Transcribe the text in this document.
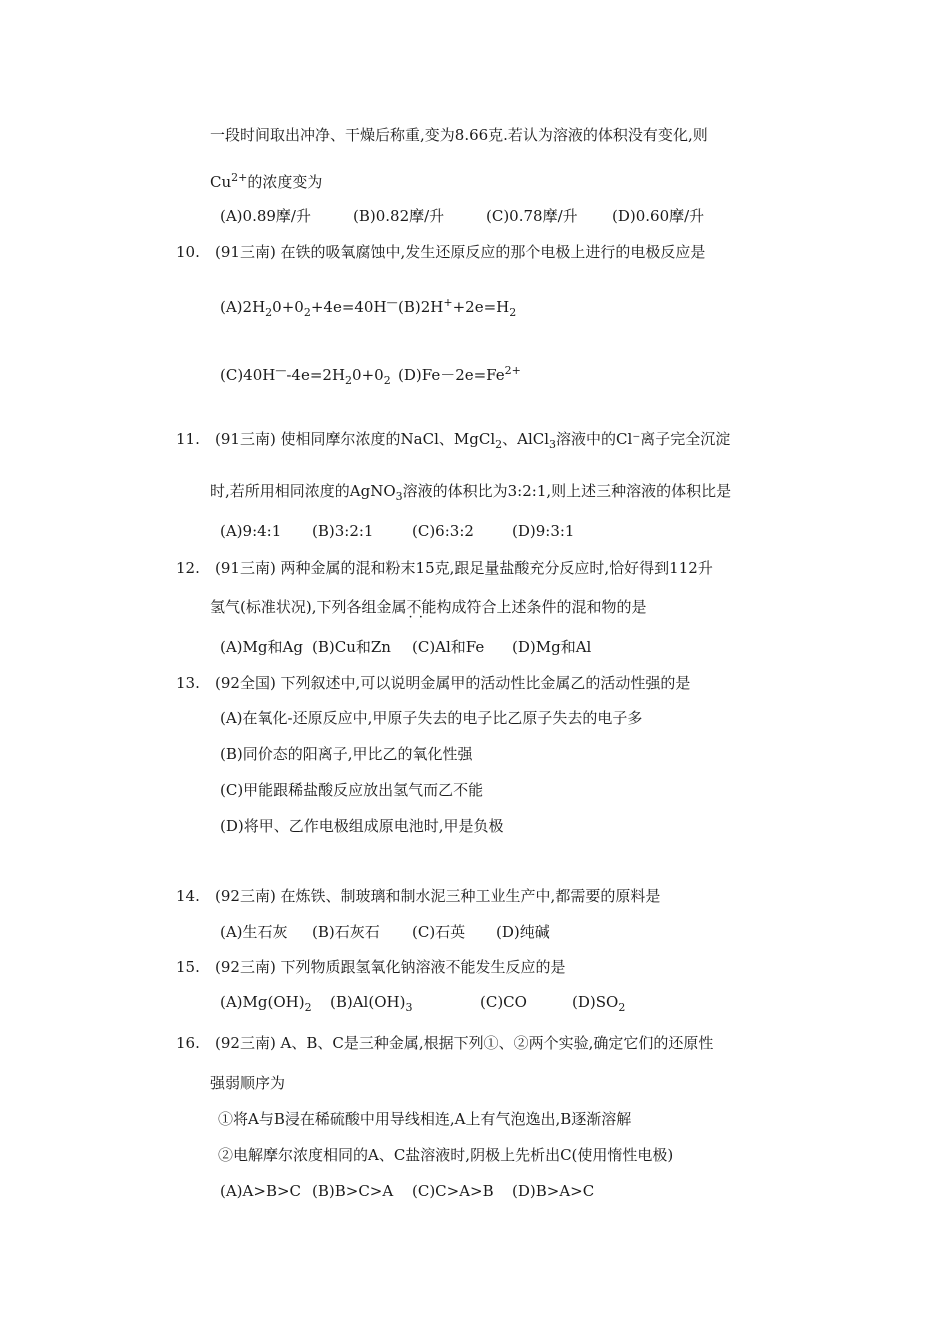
一段时间取出冲净、干燥后称重,变为8.66克.若认为溶液的体积没有变化,则
$Cu^{2+}$的浓度变为
(A)0.89摩/升	(B)0.82摩/升	(C)0.78摩/升 (D)0.60摩/升
10. (91三南) 在铁的吸氧腐蚀中,发生还原反应的那个电极上进行的电极反应是
$(A)2H_20+0_2+4e=40H^—$ $(B)2H^++2e=H_2$
$(C)40H^—-4e=2H_20+0_2$ $(D)Fe-2e=Fe^{2+}$
11. (91三南) 使相同摩尔浓度的NaCl、MgCl$_2$、AlCl$_3$溶液中的Cl⁻离子完全沉淀
时,若所用相同浓度的AgNO$_3$溶液的体积比为3:2:1,则上述三种溶液的体积比是
(A)9:4:1 (B)3:2:1	(C)6:3:2	(D)9:3:1
12. (91三南) 两种金属的混和粉末15克,跟足量盐酸充分反应时,恰好得到112升
氢气(标准状况),下列各组金属不能 · ·构成符合上述条件的混和物的是
(A)Mg和Ag (B)Cu和Zn (C)Al和Fe (D)Mg和Al
13. (92全国) 下列叙述中,可以说明金属甲的活动性比金属乙的活动性强的是
(A)在氧化-还原反应中,甲原子失去的电子比乙原子失去的电子多
(B)同价态的阳离子,甲比乙的氧化性强
(C)甲能跟稀盐酸反应放出氢气而乙不能
(D)将甲、乙作电极组成原电池时,甲是负极
14. (92三南) 在炼铁、制玻璃和制水泥三种工业生产中,都需要的原料是
(A)生石灰 (B)石灰石 (C)石英 (D)纯碱
15. (92三南) 下列物质跟氢氧化钠溶液不能发生反应的是
$(A)Mg(OH)_2$ $(B)Al(OH)_3$	(C)CO	$(D)SO_2$
16. (92三南) A、B、C是三种金属,根据下列①、②两个实验,确定它们的还原性
强弱顺序为
①将A与B浸在稀硫酸中用导线相连,A上有气泡逸出,B逐渐溶解
②电解摩尔浓度相同的A、C盐溶液时,阴极上先析出C(使用惰性电极)
(A)A>B>C (B)B>C>A (C)C>A>B (D)B>A>C
